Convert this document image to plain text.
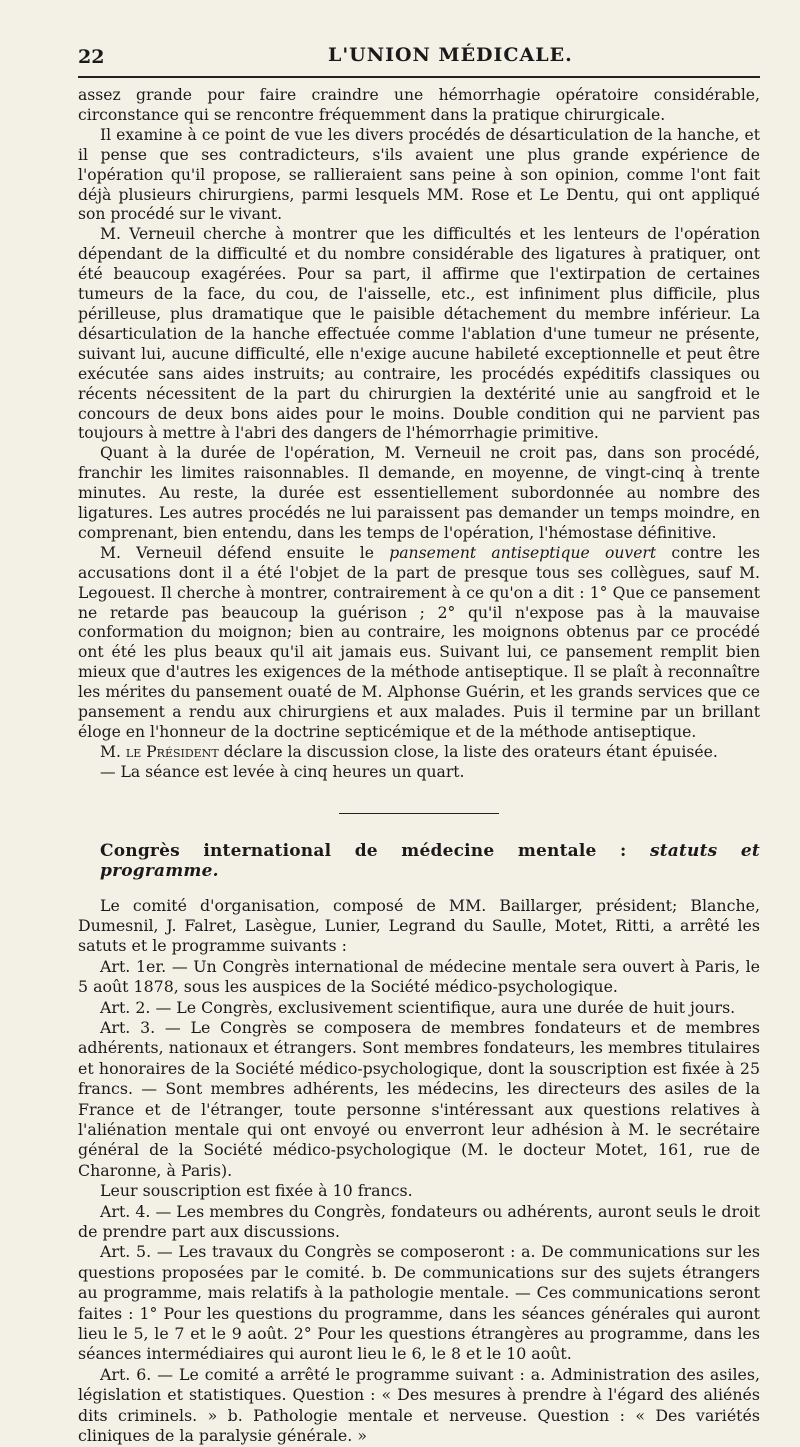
22	L'UNION MÉDICALE.

assez grande pour faire craindre une hémorrhagie opératoire considérable, circonstance qui se rencontre fréquemment dans la pratique chirurgicale.

Il examine à ce point de vue les divers procédés de désarticulation de la hanche, et il pense que ses contradicteurs, s'ils avaient une plus grande expérience de l'opération qu'il propose, se rallieraient sans peine à son opinion, comme l'ont fait déjà plusieurs chirurgiens, parmi lesquels MM. Rose et Le Dentu, qui ont appliqué son procédé sur le vivant.

M. Verneuil cherche à montrer que les difficultés et les lenteurs de l'opération dépendant de la difficulté et du nombre considérable des ligatures à pratiquer, ont été beaucoup exagérées. Pour sa part, il affirme que l'extirpation de certaines tumeurs de la face, du cou, de l'aisselle, etc., est infiniment plus difficile, plus périlleuse, plus dramatique que le paisible détachement du membre inférieur. La désarticulation de la hanche effectuée comme l'ablation d'une tumeur ne présente, suivant lui, aucune difficulté, elle n'exige aucune habileté exceptionnelle et peut être exécutée sans aides instruits; au contraire, les procédés expéditifs classiques ou récents nécessitent de la part du chirurgien la dextérité unie au sangfroid et le concours de deux bons aides pour le moins. Double condition qui ne parvient pas toujours à mettre à l'abri des dangers de l'hémorrhagie primitive.

Quant à la durée de l'opération, M. Verneuil ne croit pas, dans son procédé, franchir les limites raisonnables. Il demande, en moyenne, de vingt-cinq à trente minutes. Au reste, la durée est essentiellement subordonnée au nombre des ligatures. Les autres procédés ne lui paraissent pas demander un temps moindre, en comprenant, bien entendu, dans les temps de l'opération, l'hémostase définitive.

M. Verneuil défend ensuite le pansement antiseptique ouvert contre les accusations dont il a été l'objet de la part de presque tous ses collègues, sauf M. Legouest. Il cherche à montrer, contrairement à ce qu'on a dit : 1° Que ce pansement ne retarde pas beaucoup la guérison ; 2° qu'il n'expose pas à la mauvaise conformation du moignon; bien au contraire, les moignons obtenus par ce procédé ont été les plus beaux qu'il ait jamais eus. Suivant lui, ce pansement remplit bien mieux que d'autres les exigences de la méthode antiseptique. Il se plaît à reconnaître les mérites du pansement ouaté de M. Alphonse Guérin, et les grands services que ce pansement a rendu aux chirurgiens et aux malades. Puis il termine par un brillant éloge en l'honneur de la doctrine septicémique et de la méthode antiseptique.

M. le Président déclare la discussion close, la liste des orateurs étant épuisée.

— La séance est levée à cinq heures un quart.

Congrès international de médecine mentale : statuts et programme.

Le comité d'organisation, composé de MM. Baillarger, président; Blanche, Dumesnil, J. Falret, Lasègue, Lunier, Legrand du Saulle, Motet, Ritti, a arrêté les satuts et le programme suivants :

Art. 1er. — Un Congrès international de médecine mentale sera ouvert à Paris, le 5 août 1878, sous les auspices de la Société médico-psychologique.

Art. 2. — Le Congrès, exclusivement scientifique, aura une durée de huit jours.

Art. 3. — Le Congrès se composera de membres fondateurs et de membres adhérents, nationaux et étrangers. Sont membres fondateurs, les membres titulaires et honoraires de la Société médico-psychologique, dont la souscription est fixée à 25 francs. — Sont membres adhérents, les médecins, les directeurs des asiles de la France et de l'étranger, toute personne s'intéressant aux questions relatives à l'aliénation mentale qui ont envoyé ou enverront leur adhésion à M. le secrétaire général de la Société médico-psychologique (M. le docteur Motet, 161, rue de Charonne, à Paris).

Leur souscription est fixée à 10 francs.

Art. 4. — Les membres du Congrès, fondateurs ou adhérents, auront seuls le droit de prendre part aux discussions.

Art. 5. — Les travaux du Congrès se composeront : a. De communications sur les questions proposées par le comité. b. De communications sur des sujets étrangers au programme, mais relatifs à la pathologie mentale. — Ces communications seront faites : 1° Pour les questions du programme, dans les séances générales qui auront lieu le 5, le 7 et le 9 août. 2° Pour les questions étrangères au programme, dans les séances intermédiaires qui auront lieu le 6, le 8 et le 10 août.

Art. 6. — Le comité a arrêté le programme suivant : a. Administration des asiles, législation et statistiques. Question : « Des mesures à prendre à l'égard des aliénés dits criminels. » b. Pathologie mentale et nerveuse. Question : « Des variétés cliniques de la paralysie générale. »
